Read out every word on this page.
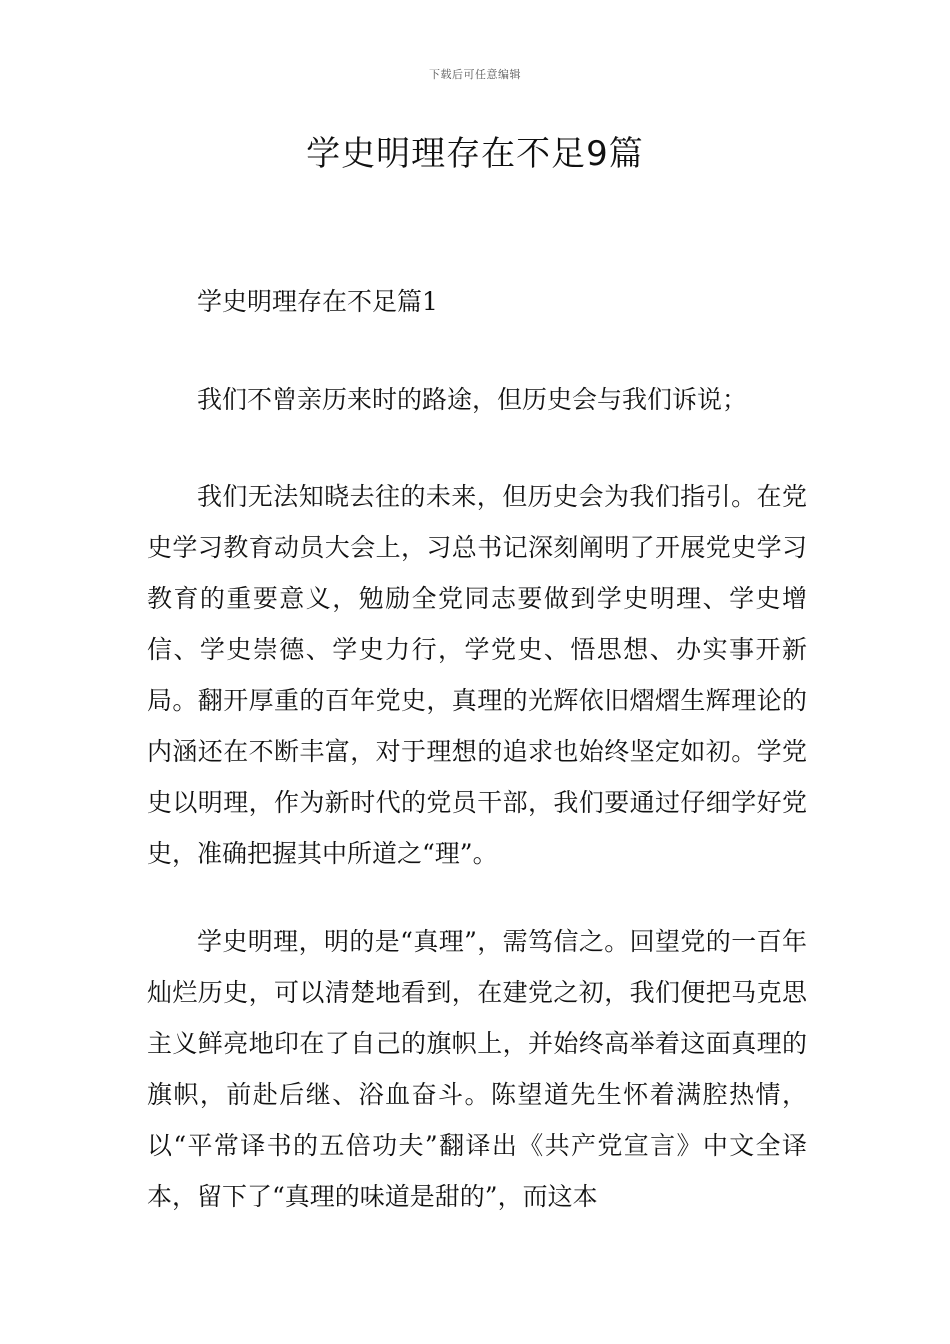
下载后可任意编辑
学史明理存在不足9篇

学史明理存在不足篇1

我们不曾亲历来时的路途，但历史会与我们诉说；

我们无法知晓去往的未来，但历史会为我们指引。在党史学习教育动员大会上，习总书记深刻阐明了开展党史学习教育的重要意义，勉励全党同志要做到学史明理、学史增信、学史崇德、学史力行，学党史、悟思想、办实事开新局。翻开厚重的百年党史，真理的光辉依旧熠熠生辉理论的内涵还在不断丰富，对于理想的追求也始终坚定如初。学党史以明理，作为新时代的党员干部，我们要通过仔细学好党史，准确把握其中所道之“理”。

学史明理，明的是“真理”，需笃信之。回望党的一百年灿烂历史，可以清楚地看到，在建党之初，我们便把马克思主义鲜亮地印在了自己的旗帜上，并始终高举着这面真理的旗帜，前赴后继、浴血奋斗。陈望道先生怀着满腔热情，以“平常译书的五倍功夫”翻译出《共产党宣言》中文全译本，留下了“真理的味道是甜的”，而这本
